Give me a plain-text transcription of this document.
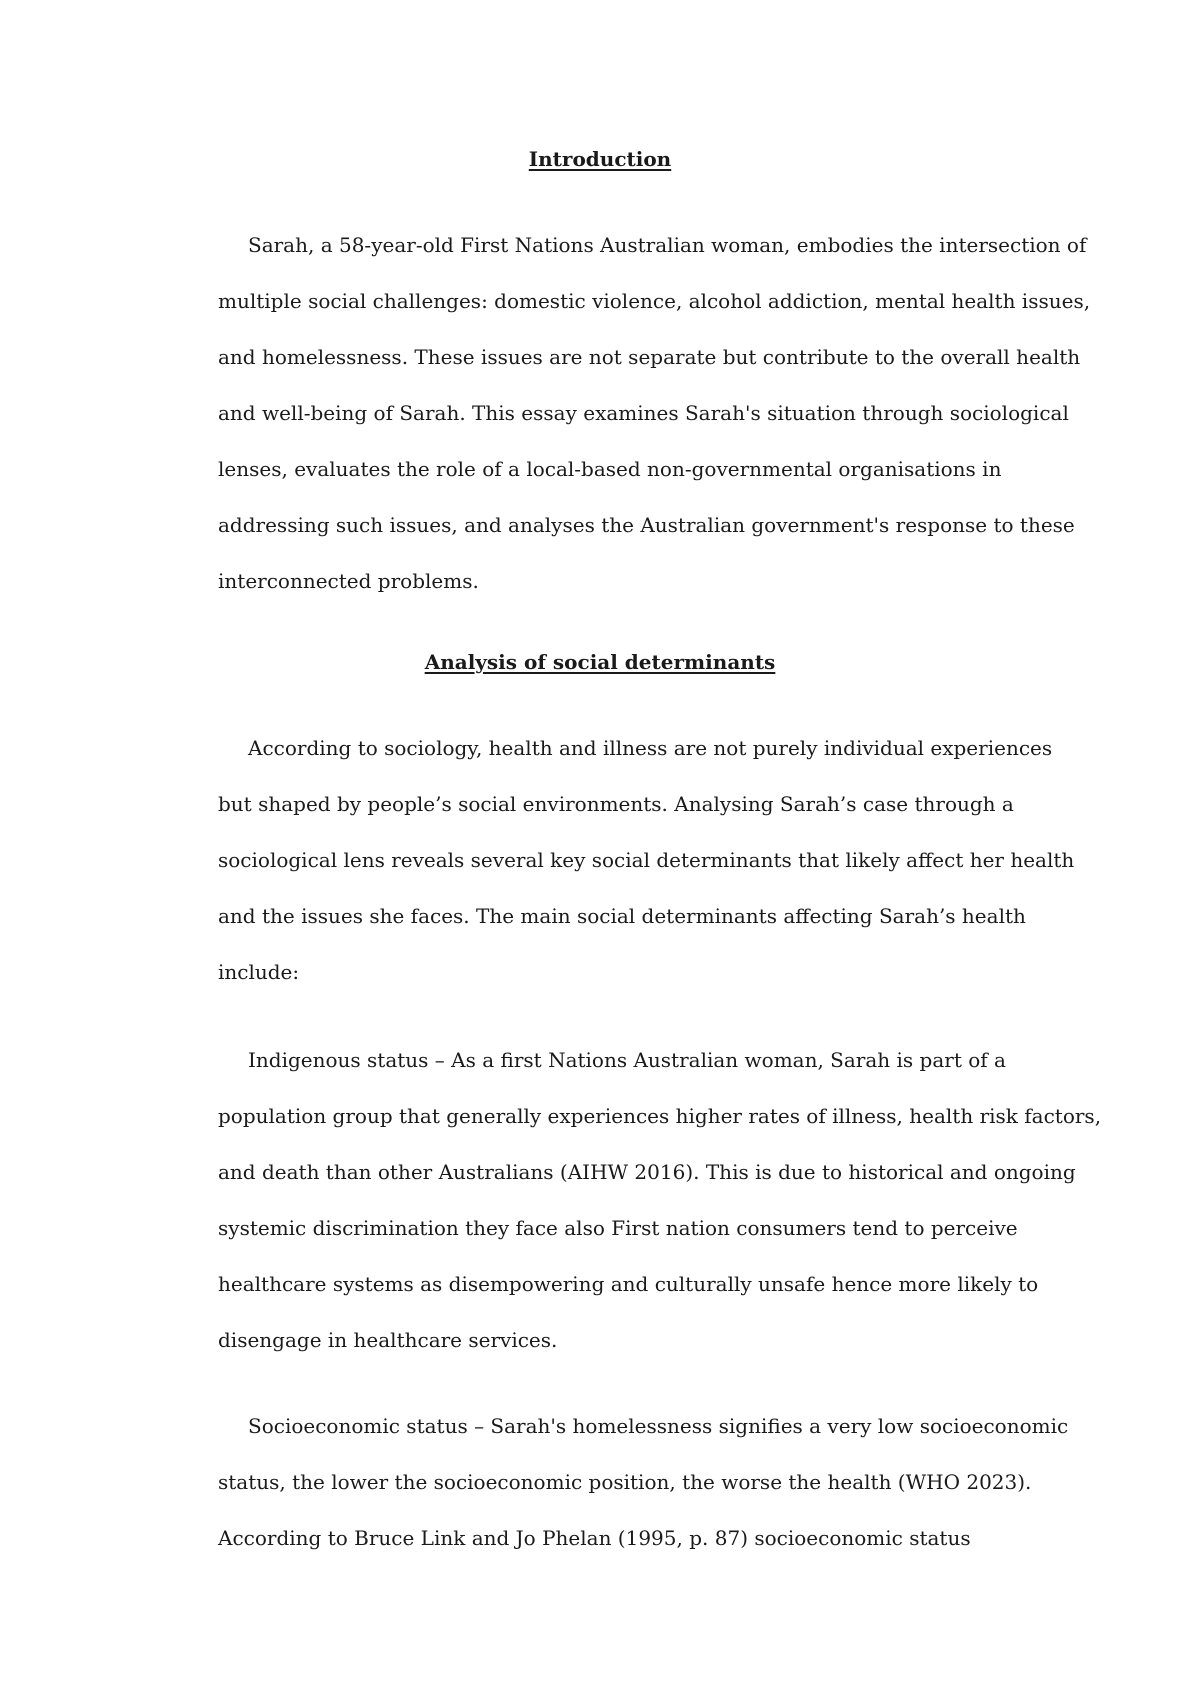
Introduction
Sarah, a 58-year-old First Nations Australian woman, embodies the intersection of
multiple social challenges: domestic violence, alcohol addiction, mental health issues,
and homelessness. These issues are not separate but contribute to the overall health
and well-being of Sarah. This essay examines Sarah's situation through sociological
lenses, evaluates the role of a local-based non-governmental organisations in
addressing such issues, and analyses the Australian government's response to these
interconnected problems.
Analysis of social determinants
According to sociology, health and illness are not purely individual experiences
but shaped by people’s social environments. Analysing Sarah’s case through a
sociological lens reveals several key social determinants that likely affect her health
and the issues she faces. The main social determinants affecting Sarah’s health
include:
Indigenous status – As a first Nations Australian woman, Sarah is part of a
population group that generally experiences higher rates of illness, health risk factors,
and death than other Australians (AIHW 2016). This is due to historical and ongoing
systemic discrimination they face also First nation consumers tend to perceive
healthcare systems as disempowering and culturally unsafe hence more likely to
disengage in healthcare services.
Socioeconomic status – Sarah's homelessness signifies a very low socioeconomic
status, the lower the socioeconomic position, the worse the health (WHO 2023).
According to Bruce Link and Jo Phelan (1995, p. 87) socioeconomic status
